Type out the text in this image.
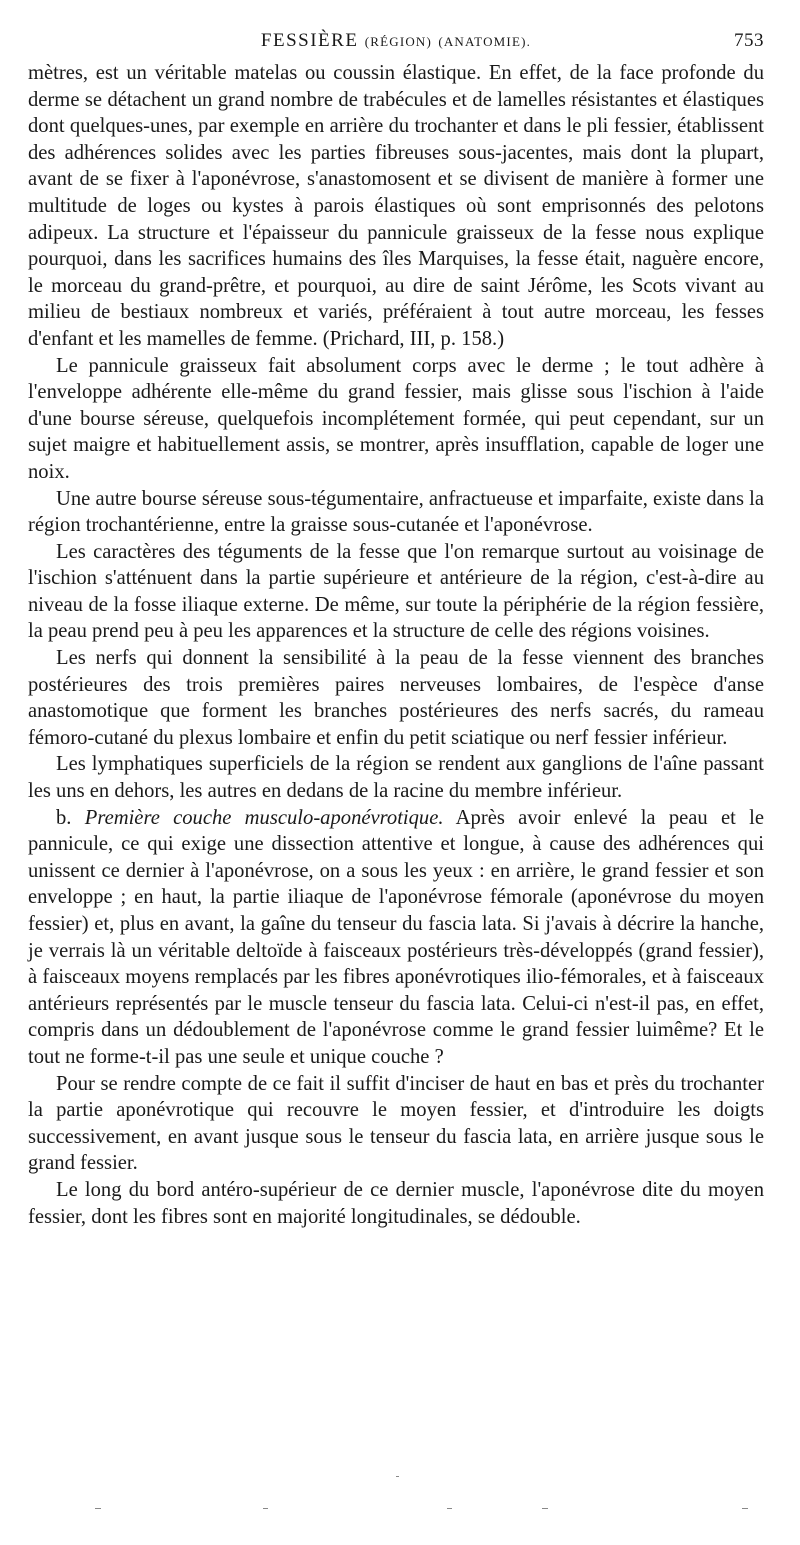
FESSIÈRE (RÉGION) (ANATOMIE).	753

mètres, est un véritable matelas ou coussin élastique. En effet, de la face profonde du derme se détachent un grand nombre de trabécules et de lamelles résistantes et élastiques dont quelques-unes, par exemple en arrière du trochanter et dans le pli fessier, établissent des adhérences solides avec les parties fibreuses sous-jacentes, mais dont la plupart, avant de se fixer à l'aponévrose, s'anastomosent et se divisent de manière à former une multitude de loges ou kystes à parois élastiques où sont emprisonnés des pelotons adipeux. La structure et l'épaisseur du pannicule graisseux de la fesse nous explique pourquoi, dans les sacrifices humains des îles Marquises, la fesse était, naguère encore, le morceau du grand-prêtre, et pourquoi, au dire de saint Jérôme, les Scots vivant au milieu de bestiaux nombreux et variés, préféraient à tout autre morceau, les fesses d'enfant et les mamelles de femme. (Prichard, III, p. 158.)

Le pannicule graisseux fait absolument corps avec le derme ; le tout adhère à l'enveloppe adhérente elle-même du grand fessier, mais glisse sous l'ischion à l'aide d'une bourse séreuse, quelquefois incomplétement formée, qui peut cependant, sur un sujet maigre et habituellement assis, se montrer, après insufflation, capable de loger une noix.

Une autre bourse séreuse sous-tégumentaire, anfractueuse et imparfaite, existe dans la région trochantérienne, entre la graisse sous-cutanée et l'aponévrose.

Les caractères des téguments de la fesse que l'on remarque surtout au voisinage de l'ischion s'atténuent dans la partie supérieure et antérieure de la région, c'est-à-dire au niveau de la fosse iliaque externe. De même, sur toute la périphérie de la région fessière, la peau prend peu à peu les apparences et la structure de celle des régions voisines.

Les nerfs qui donnent la sensibilité à la peau de la fesse viennent des branches postérieures des trois premières paires nerveuses lombaires, de l'espèce d'anse anastomotique que forment les branches postérieures des nerfs sacrés, du rameau fémoro-cutané du plexus lombaire et enfin du petit sciatique ou nerf fessier inférieur.

Les lymphatiques superficiels de la région se rendent aux ganglions de l'aîne passant les uns en dehors, les autres en dedans de la racine du membre inférieur.

b. Première couche musculo-aponévrotique. Après avoir enlevé la peau et le pannicule, ce qui exige une dissection attentive et longue, à cause des adhérences qui unissent ce dernier à l'aponévrose, on a sous les yeux : en arrière, le grand fessier et son enveloppe ; en haut, la partie iliaque de l'aponévrose fémorale (aponévrose du moyen fessier) et, plus en avant, la gaîne du tenseur du fascia lata. Si j'avais à décrire la hanche, je verrais là un véritable deltoïde à faisceaux postérieurs très-développés (grand fessier), à faisceaux moyens remplacés par les fibres aponévrotiques ilio-fémorales, et à faisceaux antérieurs représentés par le muscle tenseur du fascia lata. Celui-ci n'est-il pas, en effet, compris dans un dédoublement de l'aponévrose comme le grand fessier luimême? Et le tout ne forme-t-il pas une seule et unique couche ?

Pour se rendre compte de ce fait il suffit d'inciser de haut en bas et près du trochanter la partie aponévrotique qui recouvre le moyen fessier, et d'introduire les doigts successivement, en avant jusque sous le tenseur du fascia lata, en arrière jusque sous le grand fessier.

Le long du bord antéro-supérieur de ce dernier muscle, l'aponévrose dite du moyen fessier, dont les fibres sont en majorité longitudinales, se dédouble.
